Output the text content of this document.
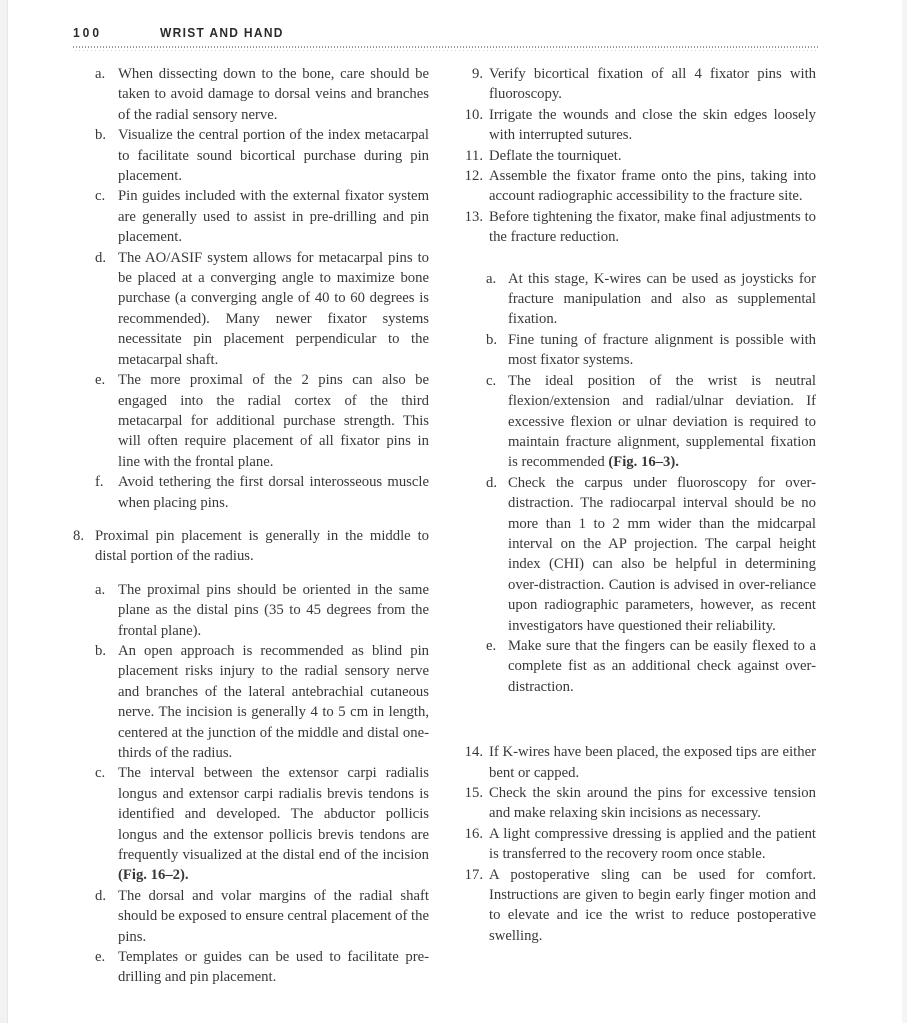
100	WRIST AND HAND
a. When dissecting down to the bone, care should be taken to avoid damage to dorsal veins and branches of the radial sensory nerve.
b. Visualize the central portion of the index metacarpal to facilitate sound bicortical purchase during pin placement.
c. Pin guides included with the external fixator system are generally used to assist in pre-drilling and pin placement.
d. The AO/ASIF system allows for metacarpal pins to be placed at a converging angle to maximize bone purchase (a converging angle of 40 to 60 degrees is recommended). Many newer fixator systems necessitate pin placement perpendicular to the metacarpal shaft.
e. The more proximal of the 2 pins can also be engaged into the radial cortex of the third metacarpal for additional purchase strength. This will often require placement of all fixator pins in line with the frontal plane.
f. Avoid tethering the first dorsal interosseous muscle when placing pins.
8. Proximal pin placement is generally in the middle to distal portion of the radius.
a. The proximal pins should be oriented in the same plane as the distal pins (35 to 45 degrees from the frontal plane).
b. An open approach is recommended as blind pin placement risks injury to the radial sensory nerve and branches of the lateral antebrachial cutaneous nerve. The incision is generally 4 to 5 cm in length, centered at the junction of the middle and distal one-thirds of the radius.
c. The interval between the extensor carpi radialis longus and extensor carpi radialis brevis tendons is identified and developed. The abductor pollicis longus and the extensor pollicis brevis tendons are frequently visualized at the distal end of the incision (Fig. 16–2).
d. The dorsal and volar margins of the radial shaft should be exposed to ensure central placement of the pins.
e. Templates or guides can be used to facilitate pre-drilling and pin placement.
9. Verify bicortical fixation of all 4 fixator pins with fluoroscopy.
10. Irrigate the wounds and close the skin edges loosely with interrupted sutures.
11. Deflate the tourniquet.
12. Assemble the fixator frame onto the pins, taking into account radiographic accessibility to the fracture site.
13. Before tightening the fixator, make final adjustments to the fracture reduction.
a. At this stage, K-wires can be used as joysticks for fracture manipulation and also as supplemental fixation.
b. Fine tuning of fracture alignment is possible with most fixator systems.
c. The ideal position of the wrist is neutral flexion/extension and radial/ulnar deviation. If excessive flexion or ulnar deviation is required to maintain fracture alignment, supplemental fixation is recommended (Fig. 16–3).
d. Check the carpus under fluoroscopy for over-distraction. The radiocarpal interval should be no more than 1 to 2 mm wider than the midcarpal interval on the AP projection. The carpal height index (CHI) can also be helpful in determining over-distraction. Caution is advised in over-reliance upon radiographic parameters, however, as recent investigators have questioned their reliability.
e. Make sure that the fingers can be easily flexed to a complete fist as an additional check against over-distraction.
14. If K-wires have been placed, the exposed tips are either bent or capped.
15. Check the skin around the pins for excessive tension and make relaxing skin incisions as necessary.
16. A light compressive dressing is applied and the patient is transferred to the recovery room once stable.
17. A postoperative sling can be used for comfort. Instructions are given to begin early finger motion and to elevate and ice the wrist to reduce postoperative swelling.
